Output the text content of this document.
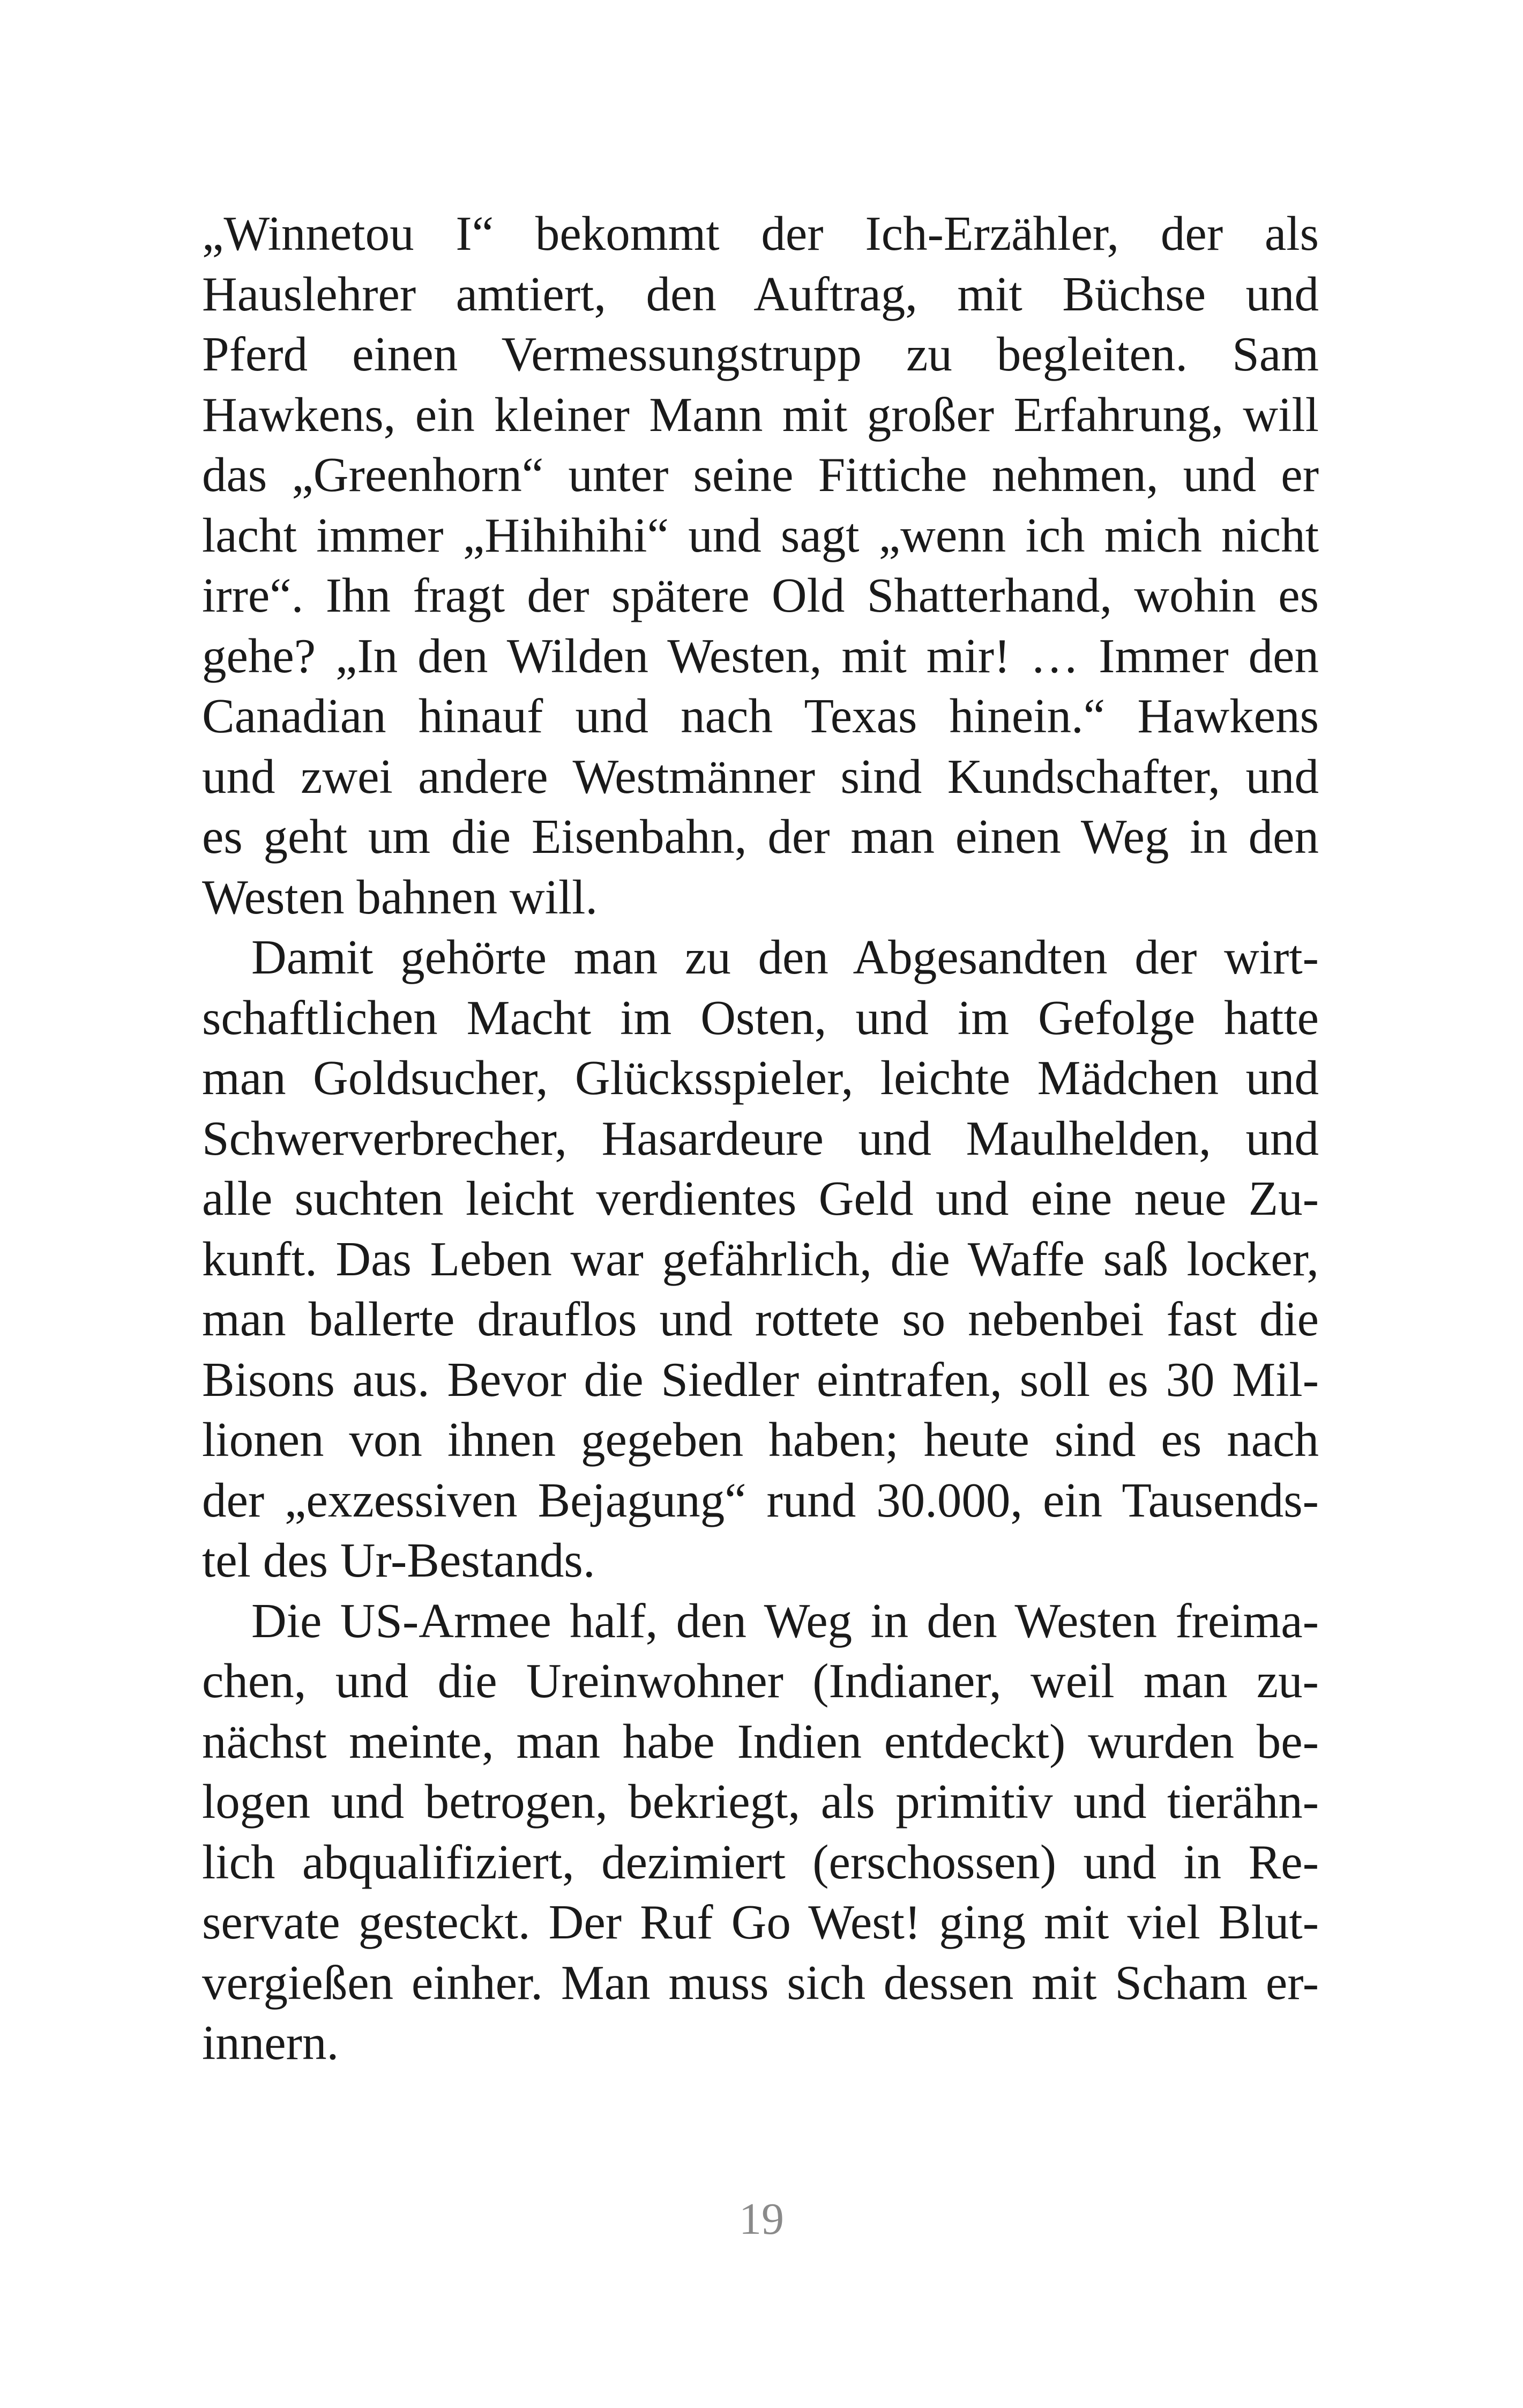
„Winnetou I“ bekommt der Ich-Erzähler, der als
Hauslehrer amtiert, den Auftrag, mit Büchse und
Pferd einen Vermessungstrupp zu begleiten. Sam
Hawkens, ein kleiner Mann mit großer Erfahrung, will
das „Greenhorn“ unter seine Fittiche nehmen, und er
lacht immer „Hihihihi“ und sagt „wenn ich mich nicht
irre“. Ihn fragt der spätere Old Shatterhand, wohin es
gehe? „In den Wilden Westen, mit mir! … Immer den
Canadian hinauf und nach Texas hinein.“ Hawkens
und zwei andere Westmänner sind Kundschafter, und
es geht um die Eisenbahn, der man einen Weg in den
Westen bahnen will.

Damit gehörte man zu den Abgesandten der wirt-
schaftlichen Macht im Osten, und im Gefolge hatte
man Goldsucher, Glücksspieler, leichte Mädchen und
Schwerverbrecher, Hasardeure und Maulhelden, und
alle suchten leicht verdientes Geld und eine neue Zu-
kunft. Das Leben war gefährlich, die Waffe saß locker,
man ballerte drauflos und rottete so nebenbei fast die
Bisons aus. Bevor die Siedler eintrafen, soll es 30 Mil-
lionen von ihnen gegeben haben; heute sind es nach
der „exzessiven Bejagung“ rund 30.000, ein Tausends-
tel des Ur-Bestands.

Die US-Armee half, den Weg in den Westen freima-
chen, und die Ureinwohner (Indianer, weil man zu-
nächst meinte, man habe Indien entdeckt) wurden be-
logen und betrogen, bekriegt, als primitiv und tierähn-
lich abqualifiziert, dezimiert (erschossen) und in Re-
servate gesteckt. Der Ruf Go West! ging mit viel Blut-
vergießen einher. Man muss sich dessen mit Scham er-
innern.

19
